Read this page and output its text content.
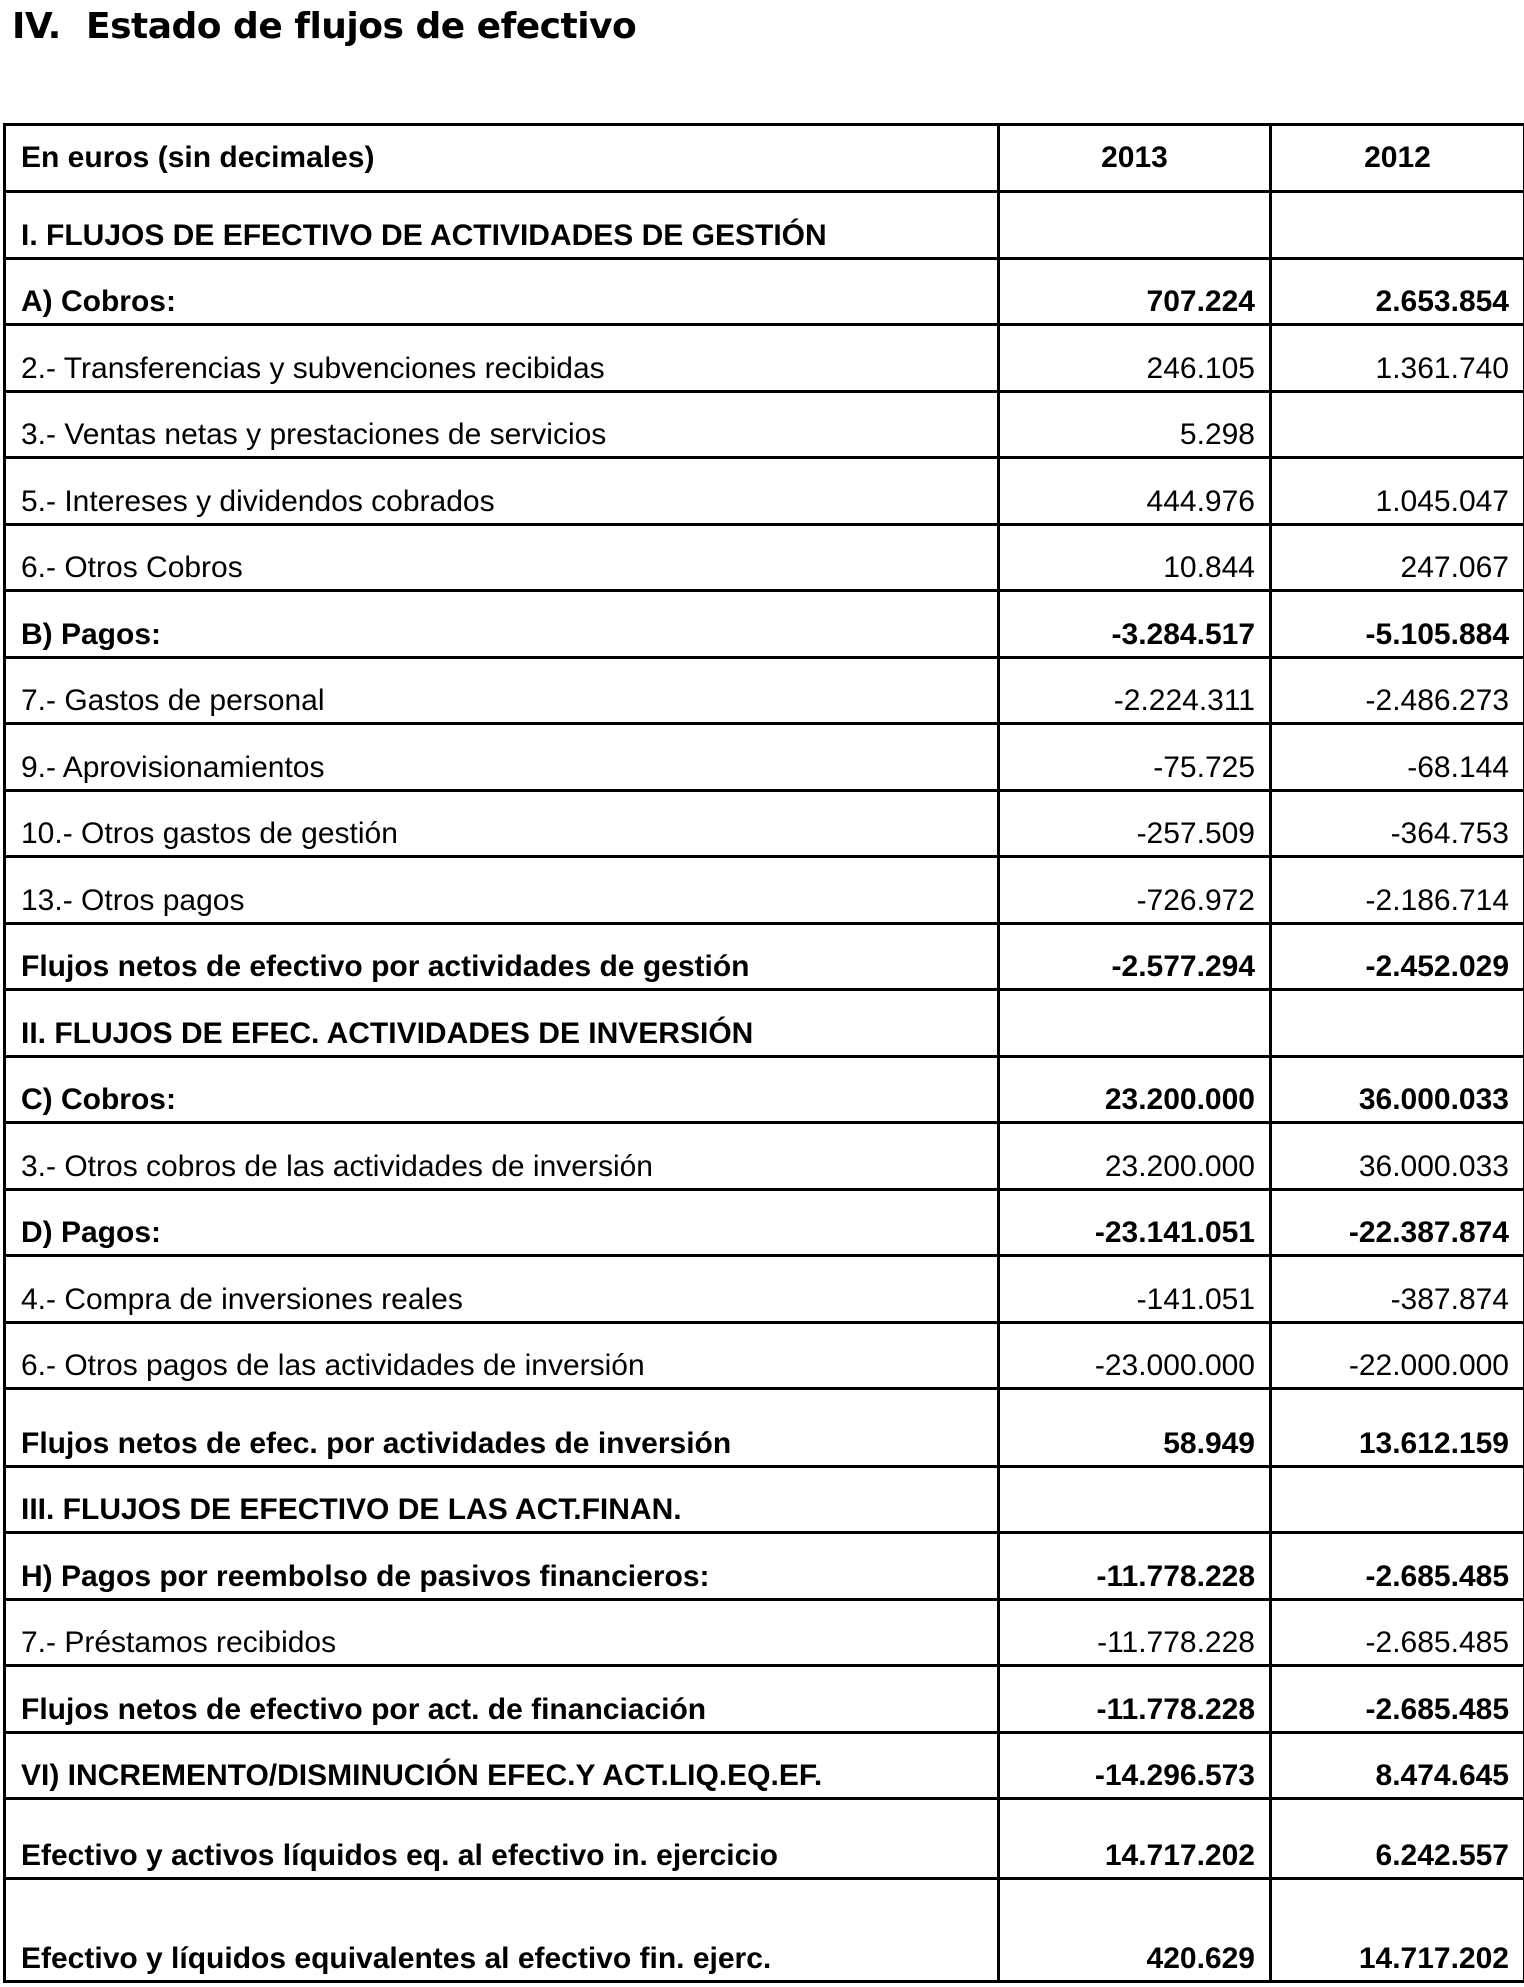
IV. Estado de flujos de efectivo
En euros (sin decimales)	2013	2012
I. FLUJOS DE EFECTIVO DE ACTIVIDADES DE GESTIÓN		
A) Cobros:	707.224	2.653.854
2.- Transferencias y subvenciones recibidas	246.105	1.361.740
3.- Ventas netas y prestaciones de servicios	5.298	
5.- Intereses y dividendos cobrados	444.976	1.045.047
6.- Otros Cobros	10.844	247.067
B) Pagos:	-3.284.517	-5.105.884
7.- Gastos de personal	-2.224.311	-2.486.273
9.- Aprovisionamientos	-75.725	-68.144
10.- Otros gastos de gestión	-257.509	-364.753
13.- Otros pagos	-726.972	-2.186.714
Flujos netos de efectivo por actividades de gestión	-2.577.294	-2.452.029
II. FLUJOS DE EFEC. ACTIVIDADES DE INVERSIÓN		
C) Cobros:	23.200.000	36.000.033
3.- Otros cobros de las actividades de inversión	23.200.000	36.000.033
D) Pagos:	-23.141.051	-22.387.874
4.- Compra de inversiones reales	-141.051	-387.874
6.- Otros pagos de las actividades de inversión	-23.000.000	-22.000.000
Flujos netos de efec. por actividades de inversión	58.949	13.612.159
III. FLUJOS DE EFECTIVO DE LAS ACT.FINAN.		
H) Pagos por reembolso de pasivos financieros:	-11.778.228	-2.685.485
7.- Préstamos recibidos	-11.778.228	-2.685.485
Flujos netos de efectivo por act. de financiación	-11.778.228	-2.685.485
VI) INCREMENTO/DISMINUCIÓN EFEC.Y ACT.LIQ.EQ.EF.	-14.296.573	8.474.645
Efectivo y activos líquidos eq. al efectivo in. ejercicio	14.717.202	6.242.557
Efectivo y líquidos equivalentes al efectivo fin. ejerc.	420.629	14.717.202
